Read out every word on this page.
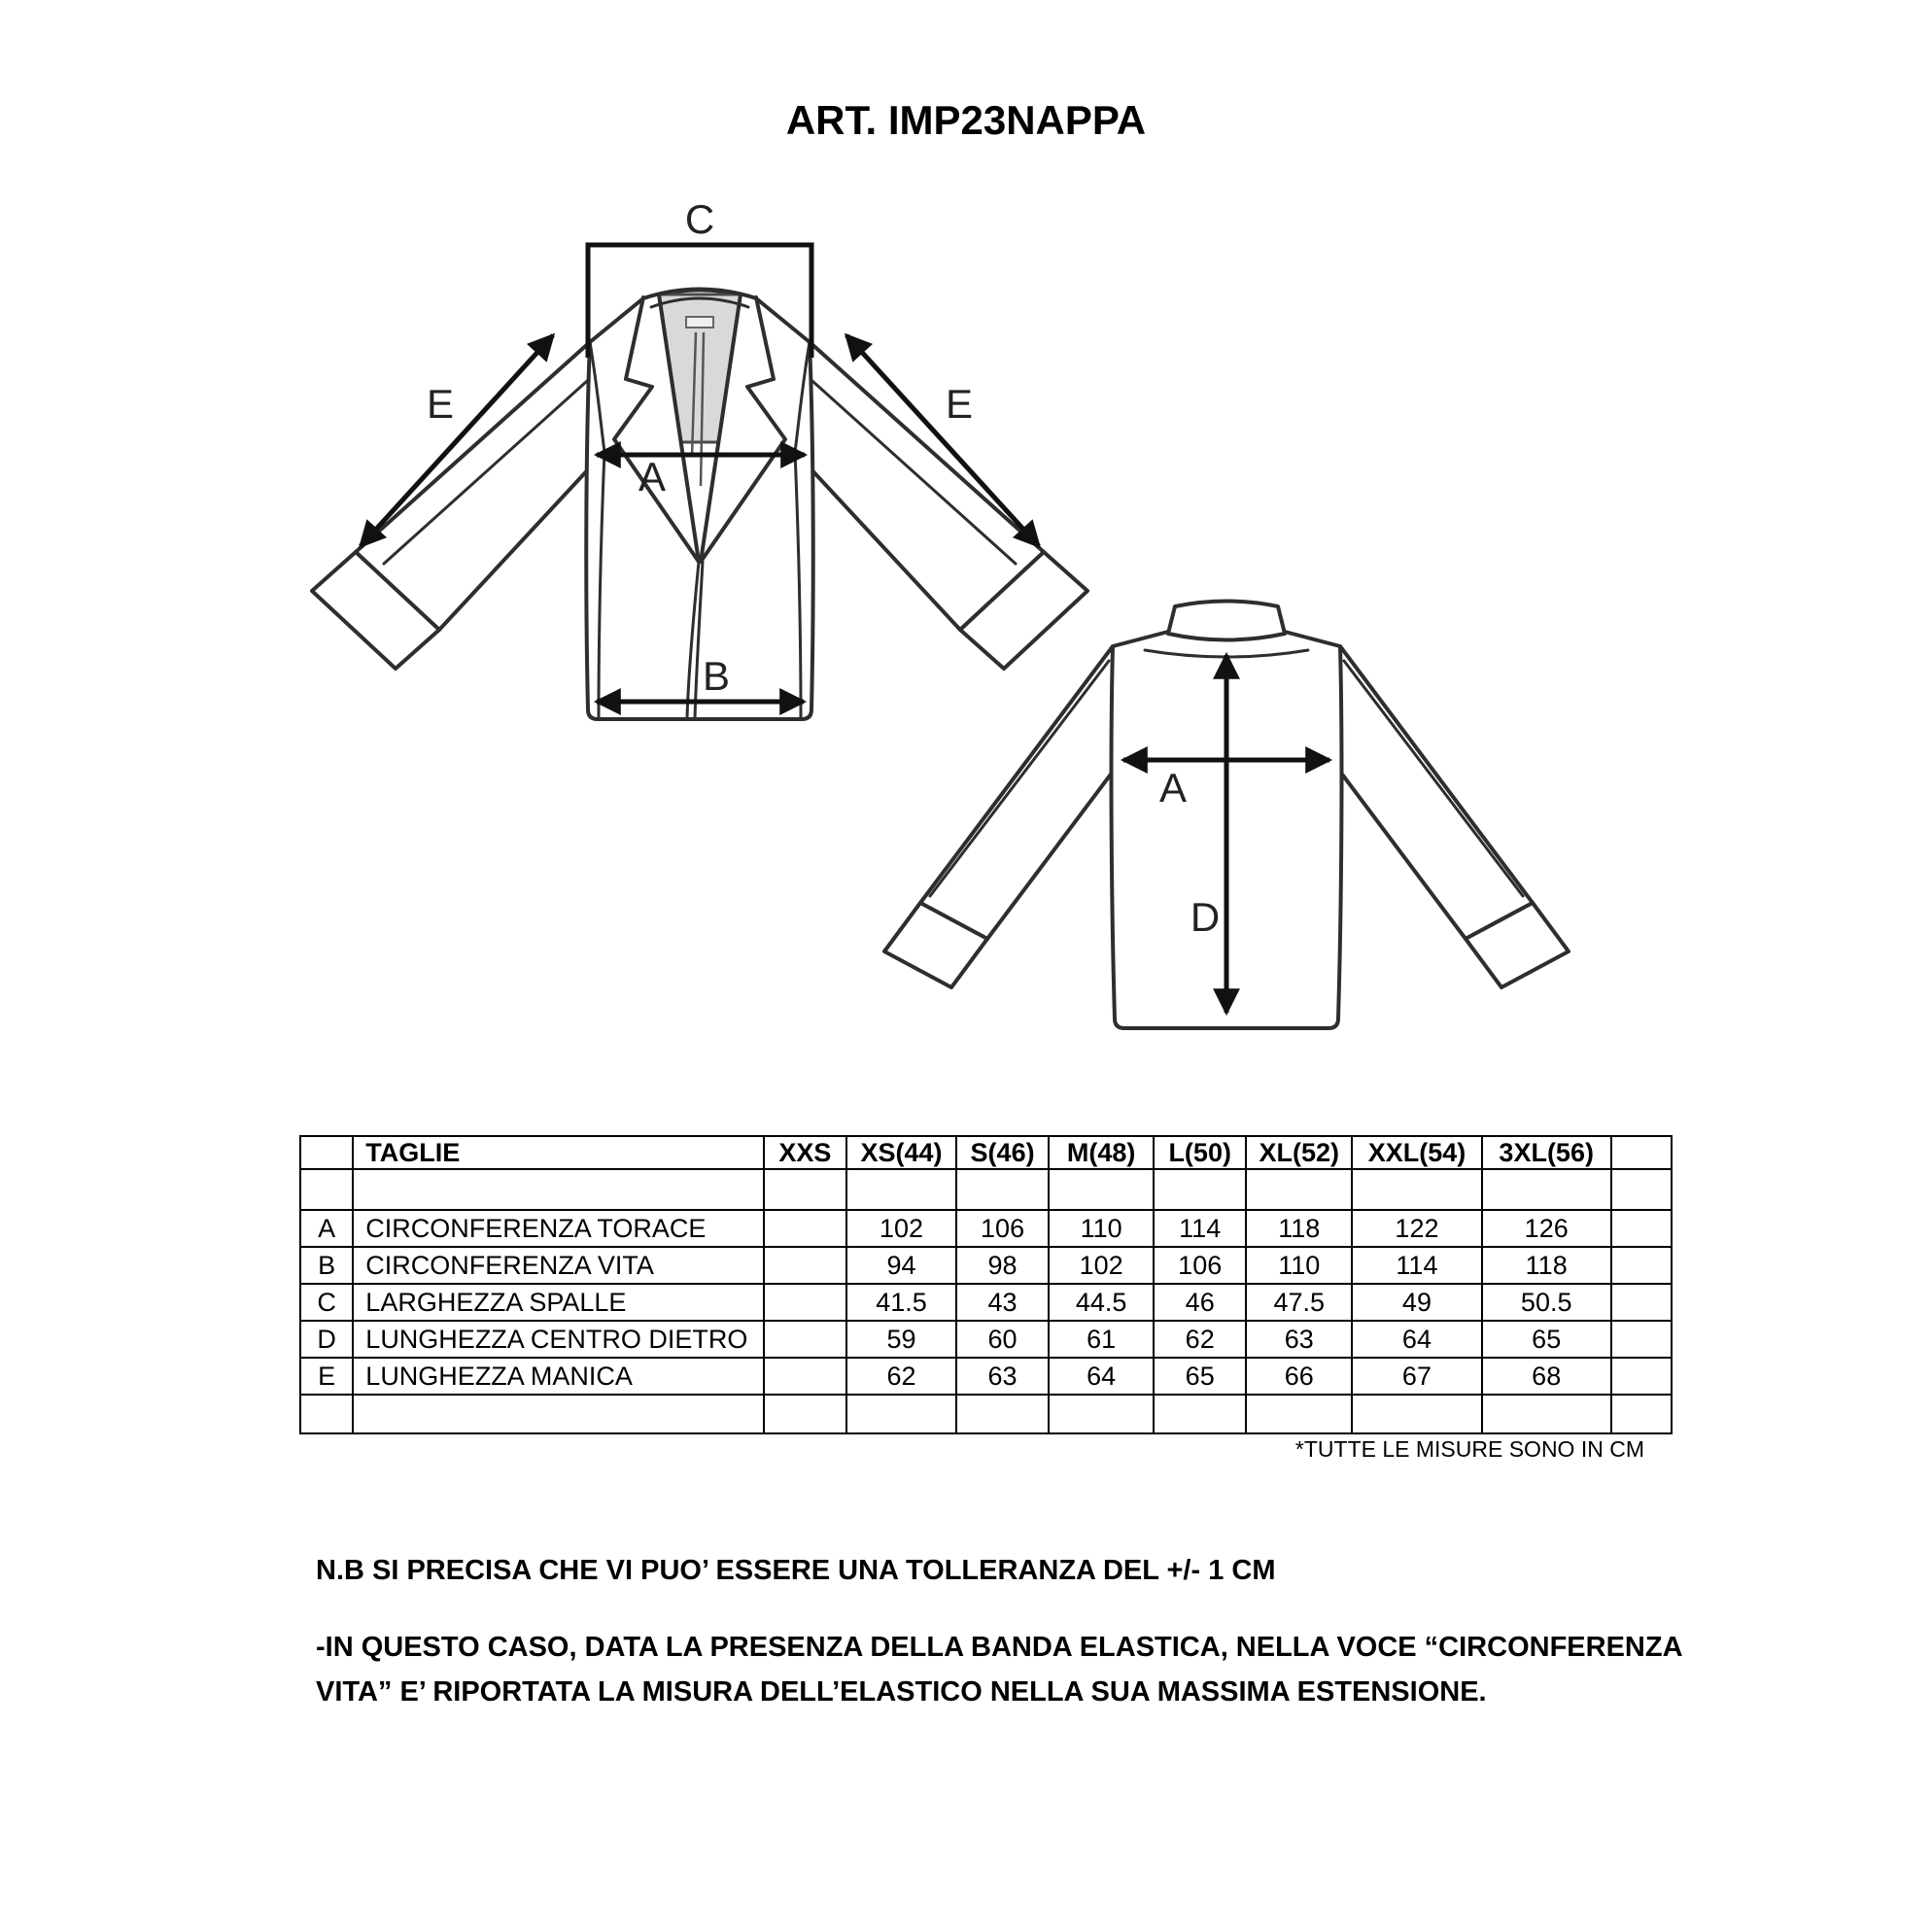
ART. IMP23NAPPA
C
A
B
E	E
A
D
	TAGLIE	XXS	XS(44)	S(46)	M(48)	L(50)	XL(52)	XXL(54)	3XL(56)	

A	CIRCONFERENZA TORACE		102	106	110	114	118	122	126	
B	CIRCONFERENZA VITA		94	98	102	106	110	114	118	
C	LARGHEZZA SPALLE		41.5	43	44.5	46	47.5	49	50.5	
D	LUNGHEZZA CENTRO DIETRO		59	60	61	62	63	64	65	
E	LUNGHEZZA MANICA		62	63	64	65	66	67	68	

*TUTTE LE MISURE SONO IN CM
N.B SI PRECISA CHE VI PUO’ ESSERE UNA TOLLERANZA DEL +/- 1 CM
-IN QUESTO CASO, DATA LA PRESENZA DELLA BANDA ELASTICA, NELLA VOCE “CIRCONFERENZA
VITA” E’ RIPORTATA LA MISURA DELL’ELASTICO NELLA SUA MASSIMA ESTENSIONE.
